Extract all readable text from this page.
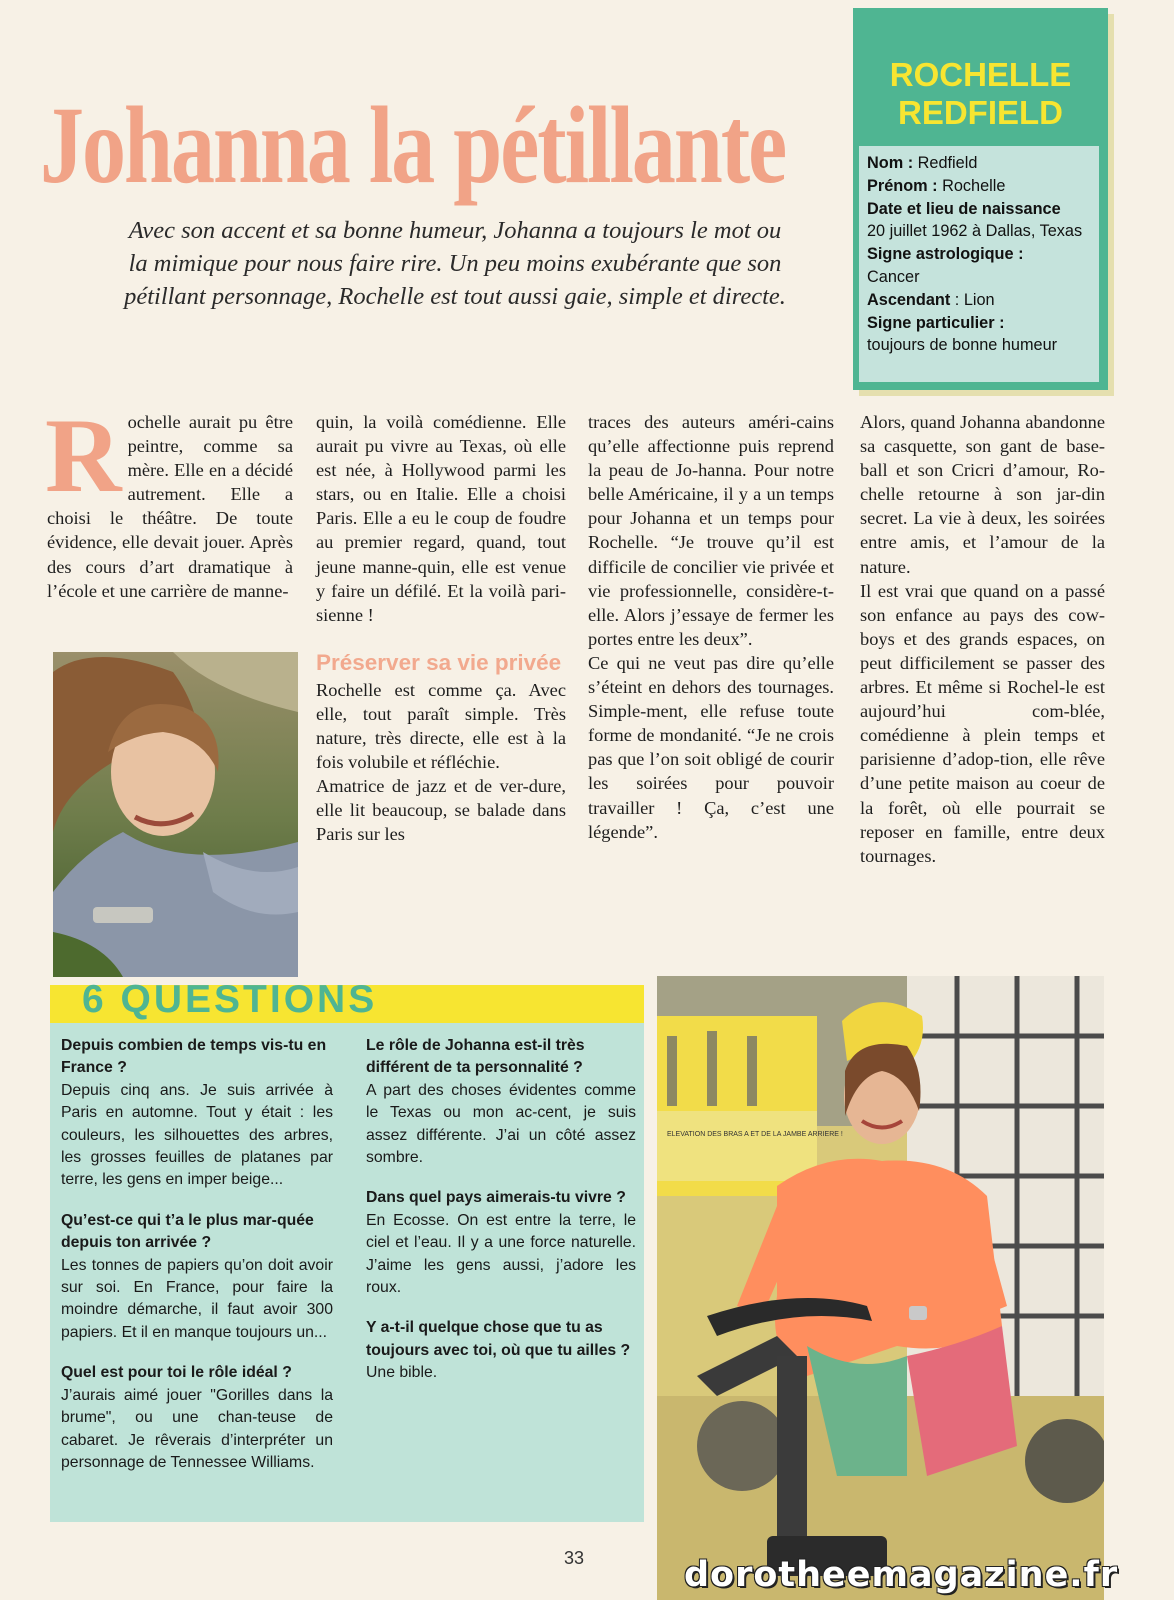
Johanna la pétillante
Avec son accent et sa bonne humeur, Johanna a toujours le mot ou la mimique pour nous faire rire. Un peu moins exubérante que son pétillant personnage, Rochelle est tout aussi gaie, simple et directe.
ROCHELLE
REDFIELD
Nom : Redfield
Prénom : Rochelle
Date et lieu de naissance
20 juillet 1962 à Dallas, Texas
Signe astrologique :
Cancer
Ascendant : Lion
Signe particulier :
toujours de bonne humeur
R ochelle aurait pu être peintre, comme sa mère. Elle en a décidé autrement. Elle a choisi le théâtre. De toute évidence, elle devait jouer. Après des cours d’art dramatique à l’école et une carrière de manne-

quin, la voilà comédienne. Elle aurait pu vivre au Texas, où elle est née, à Hollywood parmi les stars, ou en Italie. Elle a choisi Paris. Elle a eu le coup de foudre au premier regard, quand, tout jeune manne-quin, elle est venue y faire un défilé. Et la voilà pari-sienne !

Préserver sa vie privée

Rochelle est comme ça. Avec elle, tout paraît simple. Très nature, très directe, elle est à la fois volubile et réfléchie.

Amatrice de jazz et de ver-dure, elle lit beaucoup, se balade dans Paris sur les

traces des auteurs améri-cains qu’elle affectionne puis reprend la peau de Jo-hanna. Pour notre belle Américaine, il y a un temps pour Johanna et un temps pour Rochelle. “Je trouve qu’il est difficile de concilier vie privée et vie professionnelle, considère-t-elle. Alors j’essaye de fermer les portes entre les deux”.

Ce qui ne veut pas dire qu’elle s’éteint en dehors des tournages. Simple-ment, elle refuse toute forme de mondanité. “Je ne crois pas que l’on soit obligé de courir les soirées pour pouvoir travailler ! Ça, c’est une légende”.

Alors, quand Johanna abandonne sa casquette, son gant de base-ball et son Cricri d’amour, Ro-chelle retourne à son jar-din secret. La vie à deux, les soirées entre amis, et l’amour de la nature.

Il est vrai que quand on a passé son enfance au pays des cow-boys et des grands espaces, on peut difficilement se passer des arbres. Et même si Rochel-le est aujourd’hui com-blée, comédienne à plein temps et parisienne d’adop-tion, elle rêve d’une petite maison au coeur de la forêt, où elle pourrait se reposer en famille, entre deux tournages.

6 QUESTIONS
Depuis combien de temps vis-tu en France ?
Depuis cinq ans. Je suis arrivée à Paris en automne. Tout y était : les couleurs, les silhouettes des arbres, les grosses feuilles de platanes par terre, les gens en imper beige...
Qu’est-ce qui t’a le plus mar-quée depuis ton arrivée ?
Les tonnes de papiers qu’on doit avoir sur soi. En France, pour faire la moindre démarche, il faut avoir 300 papiers. Et il en manque toujours un...
Quel est pour toi le rôle idéal ?
J’aurais aimé jouer "Gorilles dans la brume", ou une chan-teuse de cabaret. Je rêverais d’interpréter un personnage de Tennessee Williams.
Le rôle de Johanna est-il très différent de ta personnalité ?
A part des choses évidentes comme le Texas ou mon ac-cent, je suis assez différente. J’ai un côté assez sombre.
Dans quel pays aimerais-tu vivre ?
En Ecosse. On est entre la terre, le ciel et l’eau. Il y a une force naturelle. J’aime les gens aussi, j’adore les roux.
Y a-t-il quelque chose que tu as toujours avec toi, où que tu ailles ?
Une bible.
ELEVATION DES BRAS A ET DE LA JAMBE ARRIERE !
33	dorotheemagazine.fr
